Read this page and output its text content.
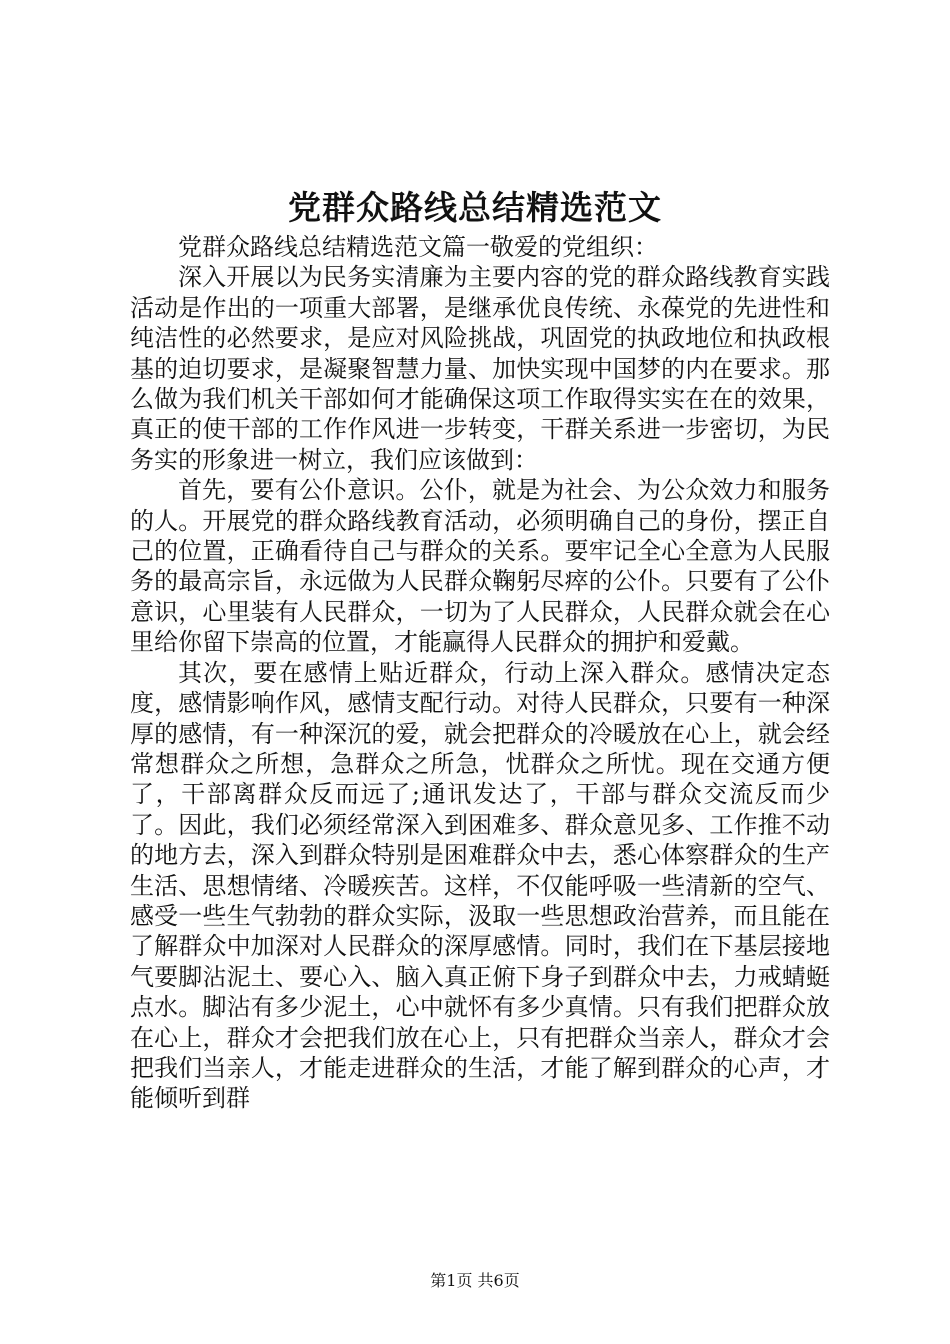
党群众路线总结精选范文

党群众路线总结精选范文篇一敬爱的党组织：

深入开展以为民务实清廉为主要内容的党的群众路线教育实践活动是作出的一项重大部署，是继承优良传统、永葆党的先进性和纯洁性的必然要求，是应对风险挑战，巩固党的执政地位和执政根基的迫切要求，是凝聚智慧力量、加快实现中国梦的内在要求。那么做为我们机关干部如何才能确保这项工作取得实实在在的效果，真正的使干部的工作作风进一步转变，干群关系进一步密切，为民务实的形象进一树立，我们应该做到：

首先，要有公仆意识。公仆，就是为社会、为公众效力和服务的人。开展党的群众路线教育活动，必须明确自己的身份，摆正自己的位置，正确看待自己与群众的关系。要牢记全心全意为人民服务的最高宗旨，永远做为人民群众鞠躬尽瘁的公仆。只要有了公仆意识，心里装有人民群众，一切为了人民群众，人民群众就会在心里给你留下崇高的位置，才能赢得人民群众的拥护和爱戴。

其次，要在感情上贴近群众，行动上深入群众。感情决定态度，感情影响作风，感情支配行动。对待人民群众，只要有一种深厚的感情，有一种深沉的爱，就会把群众的冷暖放在心上，就会经常想群众之所想，急群众之所急，忧群众之所忧。现在交通方便了，干部离群众反而远了;通讯发达了，干部与群众交流反而少了。因此，我们必须经常深入到困难多、群众意见多、工作推不动的地方去，深入到群众特别是困难群众中去，悉心体察群众的生产生活、思想情绪、冷暖疾苦。这样，不仅能呼吸一些清新的空气、感受一些生气勃勃的群众实际，汲取一些思想政治营养，而且能在了解群众中加深对人民群众的深厚感情。同时，我们在下基层接地气要脚沾泥土、要心入、脑入真正俯下身子到群众中去，力戒蜻蜓点水。脚沾有多少泥土，心中就怀有多少真情。只有我们把群众放在心上，群众才会把我们放在心上，只有把群众当亲人，群众才会把我们当亲人，才能走进群众的生活，才能了解到群众的心声，才能倾听到群

第1页 共6页
